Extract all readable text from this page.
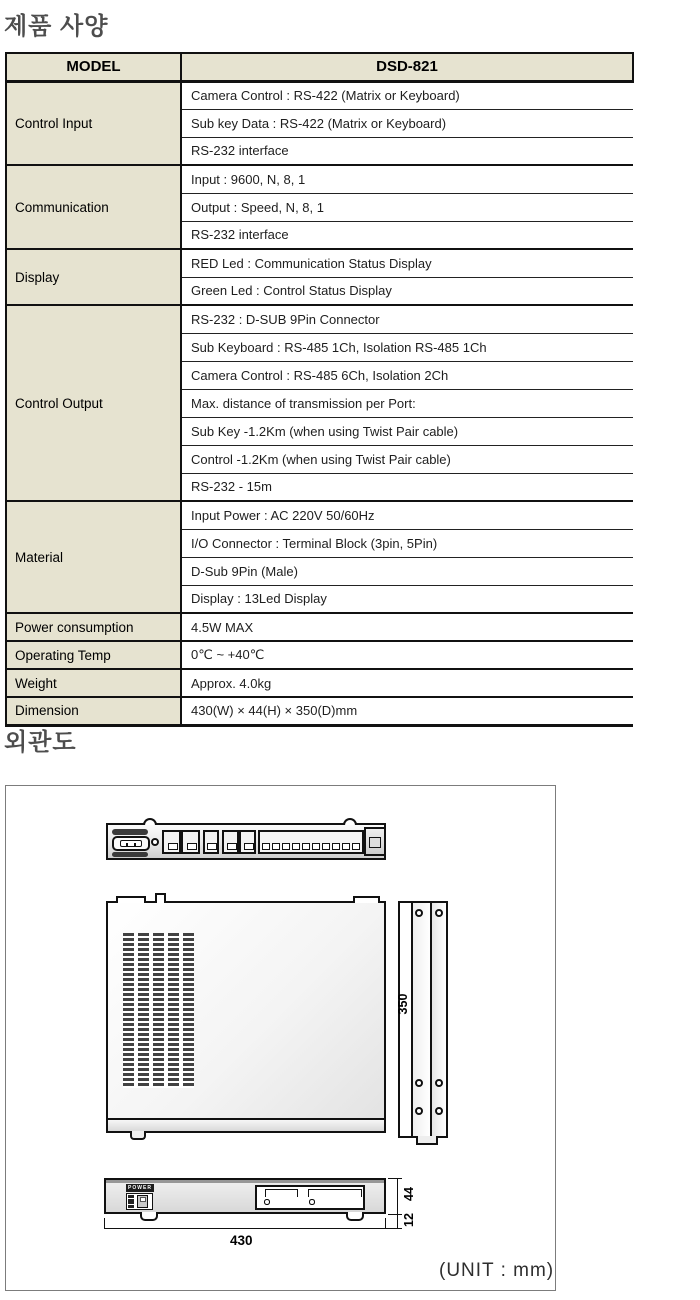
제품 사양
MODEL	DSD-821
Control Input	Camera Control : RS-422 (Matrix or Keyboard)
	Sub key Data : RS-422 (Matrix or Keyboard)
	RS-232 interface
Communication	Input : 9600, N, 8, 1
	Output : Speed, N, 8, 1
	RS-232 interface
Display	RED Led : Communication Status Display
	Green Led : Control Status Display
Control Output	RS-232 : D-SUB 9Pin Connector
	Sub Keyboard : RS-485 1Ch, Isolation RS-485 1Ch
	Camera Control : RS-485 6Ch, Isolation 2Ch
	Max. distance of transmission per Port:
	Sub Key -1.2Km (when using Twist Pair cable)
	Control -1.2Km (when using Twist Pair cable)
	RS-232 - 15m
Material	Input Power : AC 220V 50/60Hz
	I/O Connector : Terminal Block (3pin, 5Pin)
	D-Sub 9Pin (Male)
	Display : 13Led Display
Power consumption	4.5W MAX
Operating Temp	0℃ ~ +40℃
Weight	Approx. 4.0kg
Dimension	430(W) × 44(H) × 350(D)mm
외관도
350
POWER	44
12
430
(UNIT : mm)
